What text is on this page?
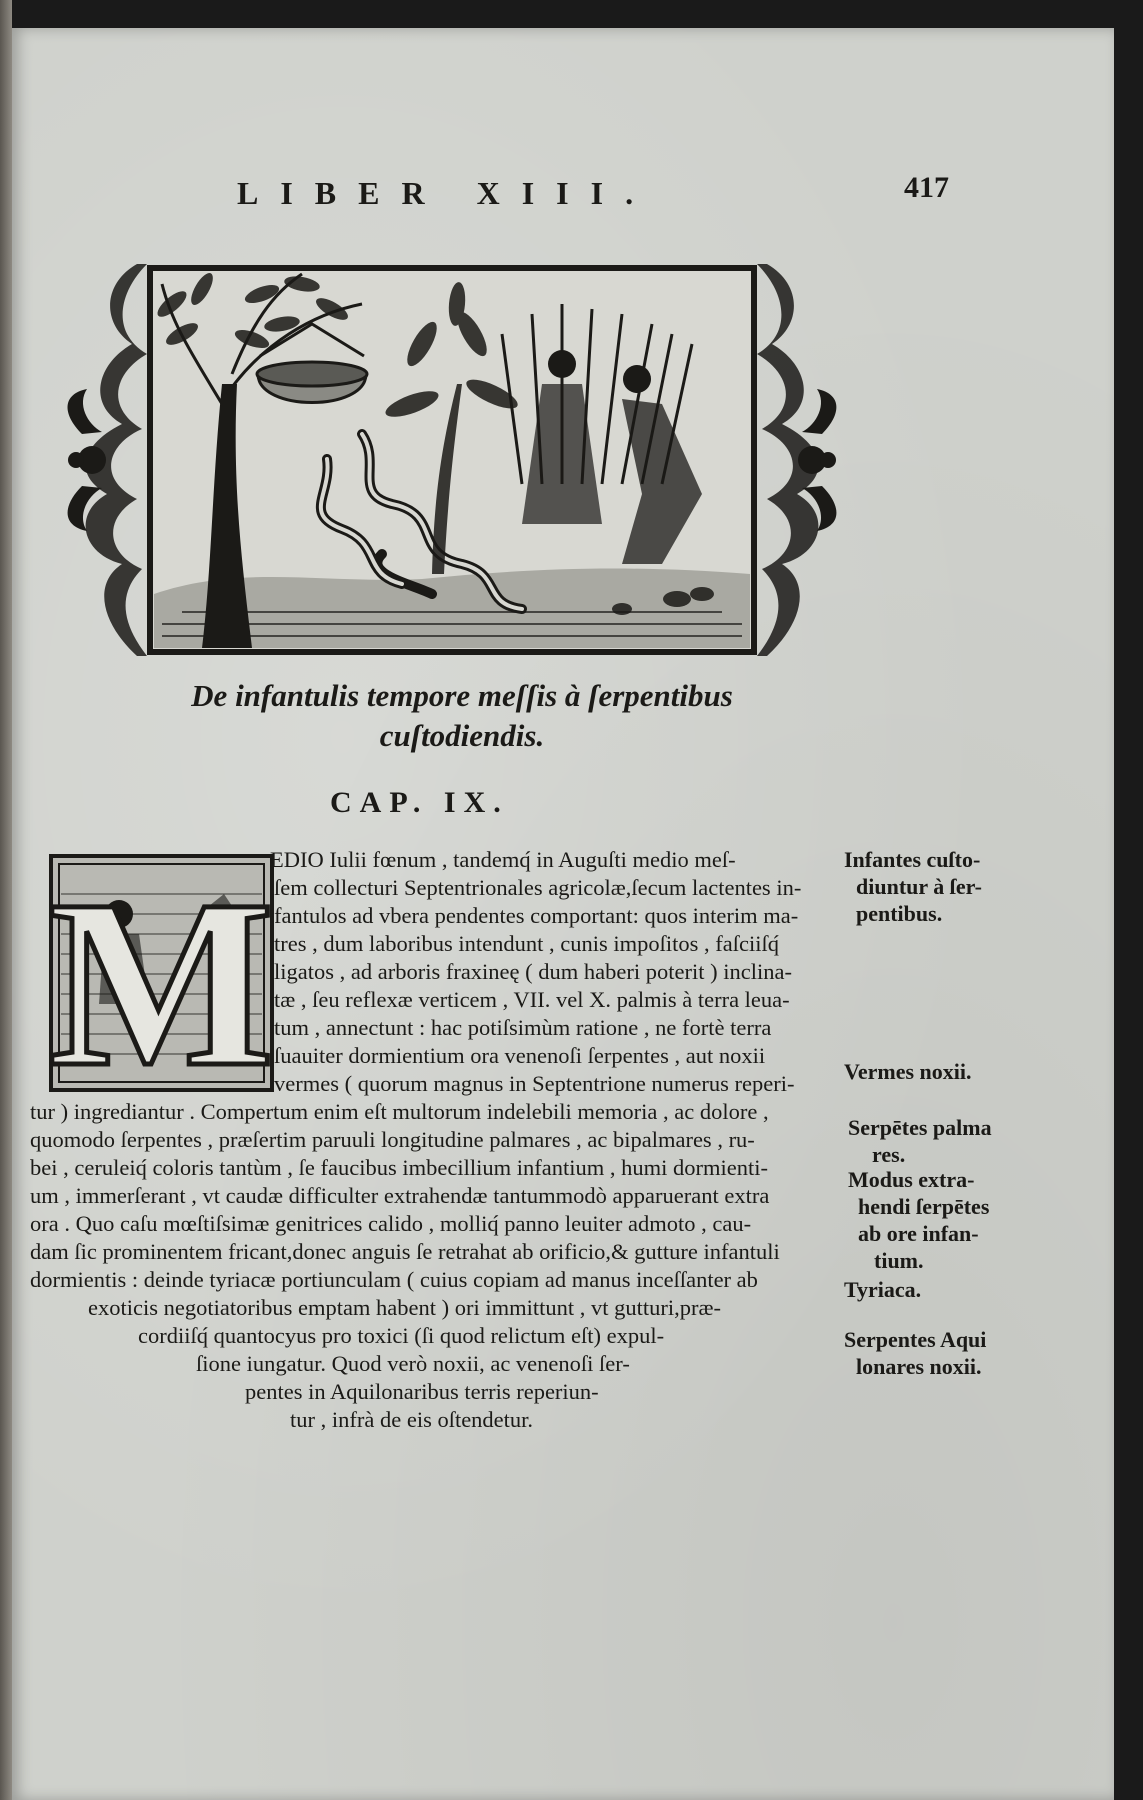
LIBER XIII.	417
De infantulis tempore meſſis à ſerpentibus
cuſtodiendis.
CAP. IX.
M
EDIO Iulii fœnum , tandemq́ in Auguſti medio meſ-
ſem collecturi Septentrionales agricolæ,ſecum lactentes in-
fantulos ad vbera pendentes comportant: quos interim ma-
tres , dum laboribus intendunt , cunis impoſitos , faſciiſq́
ligatos , ad arboris fraxineę ( dum haberi poterit ) inclina-
tæ , ſeu reflexæ verticem , VII. vel X. palmis à terra leua-
tum , annectunt : hac potiſsimùm ratione , ne fortè terra
ſuauiter dormientium ora venenoſi ſerpentes , aut noxii
vermes ( quorum magnus in Septentrione numerus reperi-
tur ) ingrediantur . Compertum enim eſt multorum indelebili memoria , ac dolore ,
quomodo ſerpentes , præſertim paruuli longitudine palmares , ac bipalmares , ru-
bei , ceruleiq́ coloris tantùm , ſe faucibus imbecillium infantium , humi dormienti-
um , immerſerant , vt caudæ difficulter extrahendæ tantummodò apparuerant extra
ora . Quo caſu mœſtiſsimæ genitrices calido , molliq́ panno leuiter admoto , cau-
dam ſic prominentem fricant,donec anguis ſe retrahat ab orificio,& gutture infantuli
dormientis : deinde tyriacæ portiunculam ( cuius copiam ad manus inceſſanter ab
exoticis negotiatoribus emptam habent ) ori immittunt , vt gutturi,præ-
cordiiſq́ quantocyus pro toxici (ſi quod relictum eſt) expul-
ſione iungatur. Quod verò noxii, ac venenoſi ſer-
pentes in Aquilonaribus terris reperiun-
tur , infrà de eis oſtendetur.
Infantes cuſto-
diuntur à ſer-
pentibus.
Vermes noxii.
Serpētes palma
res.
Modus extra-
hendi ſerpētes
ab ore infan-
tium.
Tyriaca.
Serpentes Aqui
lonares noxii.
